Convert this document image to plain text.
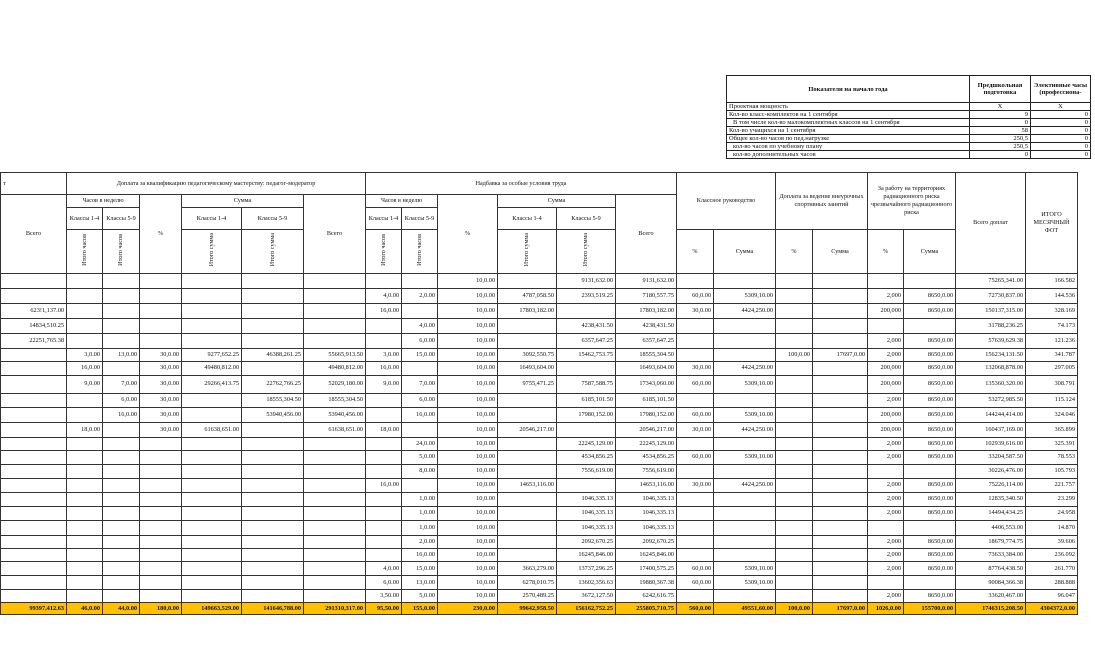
Показатели на начало года	Предшкольная подготовка	Элективные часы (профессиона-
Проектная мощность	X	X
Кол-во класс-комплектов на 1 сентября	9	0
В том числе кол-во малокомплектных классов на 1 сентября	0	0
Кол-во учащихся на 1 сентября	58	0
Общее кол-во часов по пед.нагрузке	250,5	0
кол-во часов по учебному плану	250,5	0
кол-во дополнительных часов	0	0
т	Доплата за квалификацию педагогическому мастерству: педагог-модератор						Надбавка за особые условия труда						Классное руководство		Доплата за ведение внеурочных спортивных занятий		За работу на территориях радиационного риска чрезвычайного радиационного риска		Всего доплат	ИТОГО МЕСЯЧНЫЙ ФОТ
Всего	Часов в неделю		%	Сумма		Всего	Часов в неделю		%	Сумма		Всего								
	Классы 1-4	Классы 5-9		Классы 1-4	Классы 5-9		Классы 1-4	Классы 5-9		Классы 1-4	Классы 5-9									
	Итого часов	Итого часов		Итого сумма	Итого сумма		Итого часов	Итого часов		Итого сумма	Итого сумма		%	Сумма	%	Сумма	%	Сумма		

									10,0.00		9131,632.00	9131,632.00							75265,341.00	166.582
							4,0.00	2,0.00	10,0.00	4787,058.50	2393,519.25	7180,557.75	60,0.00	5309,10.00			2,000	8650,0.00	72730,837.00	144.536
623!1,137.00							16,0.00		10,0.00	17803,182.00		17803,182.00	30,0.00	4424,250.00			200,000	8650,0.00	150137,315.00	328.169
14834,510.25								4,0.00	10,0.00		4238,431.50	4238,431.50							31788,236.25	74.173
22251,765.38								6,0.00	10,0.00		6357,647.25	6357,647.25					2,000	8650,0.00	57639,629.38	121.236
	3,0.00	13,0.00	30,0.00	9277,652.25	46388,261.25	55665,913.50	3,0.00	15,0.00	10,0.00	3092,550.75	15462,753.75	18555,304.50			100,0.00	17697,0.00	2,000	8650,0.00	156234,131.50	341.787
	16,0.00		30,0.00	49480,812.00		49480,812.00	16,0.00		10,0.00	16493,604.00		16493,604.00	30,0.00	4424,250.00			200,000	8650,0.00	132068,878.00	297.005
	9,0.00	7,0.00	30,0.00	29266,413.75	22762,766.25	52029,180.00	9,0.00	7,0.00	10,0.00	9755,471.25	7587,588.75	17343,060.00	60,0.00	5309,10.00			200,000	8650,0.00	135360,320.00	308.791
		6,0.00	30,0.00		18555,304.50	18555,304.50		6,0.00	10,0.00		6185,101.50	6185,101.50					2,000	8650,0.00	53272,985.50	115.124
		16,0.00	30,0.00		53940,456.00	53940,456.00		16,0.00	10,0.00		17980,152.00	17980,152.00	60,0.00	5309,10.00			200,000	8650,0.00	144244,414.00	324.046
	18,0.00		30,0.00	61638,651.00		61638,651.00	18,0.00		10,0.00	20546,217.00		20546,217.00	30,0.00	4424,250.00			200,000	8650,0.00	160437,169.00	365.899
								24,0.00	10,0.00		22245,129.00	22245,129.00					2,000	8650,0.00	102939,616.00	325.391
								5,0.00	10,0.00		4534,856.25	4534,856.25	60,0.00	5309,10.00			2,000	8650,0.00	33204,587.50	78.553
								8,0.00	10,0.00		7556,619.00	7556,619.00							30226,476.00	105.793
							16,0.00		10,0.00	14653,116.00		14653,116.00	30,0.00	4424,250.00			2,000	8650,0.00	75226,114.00	221.757
								1,0.00	10,0.00		1046,335.13	1046,335.13					2,000	8650,0.00	12835,340.50	23.299
								1,0.00	10,0.00		1046,335.13	1046,335.13					2,000	8650,0.00	14494,434.25	24.958
								1,0.00	10,0.00		1046,335.13	1046,335.13							4406,553.00	14.870
								2,0.00	10,0.00		2092,670.25	2092,670.25					2,000	8650,0.00	18679,774.75	39.606
								16,0.00	10,0.00		16245,846.00	16245,846.00					2,000	8650,0.00	73633,384.00	236.092
							4,0.00	15,0.00	10,0.00	3663,279.00	13737,296.25	17400,575.25	60,0.00	5309,10.00			2,000	8650,0.00	87764,438.50	261.770
							6,0.00	13,0.00	10,0.00	6278,010.75	13602,356.63	19880,367.38	60,0.00	5309,10.00					90084,366.38	288.888
							3,50.00	5,0.00	10,0.00	2570,489.25	3672,127.50	6242,616.75					2,000	8650,0.00	33620,467.00	96.047
99397,412.63	46,0.00	44,0.00	180,0.00	149663,529.00	141646,788.00	291310,317.00	95,50.00	155,0.00	230,0.00	99642,958.50	156162,752.25	255805,710.75	560,0.00	49551,60.00	100,0.00	17697,0.00	1026,0.00	155700,0.00	1746315,208.50	4304372,0.00
